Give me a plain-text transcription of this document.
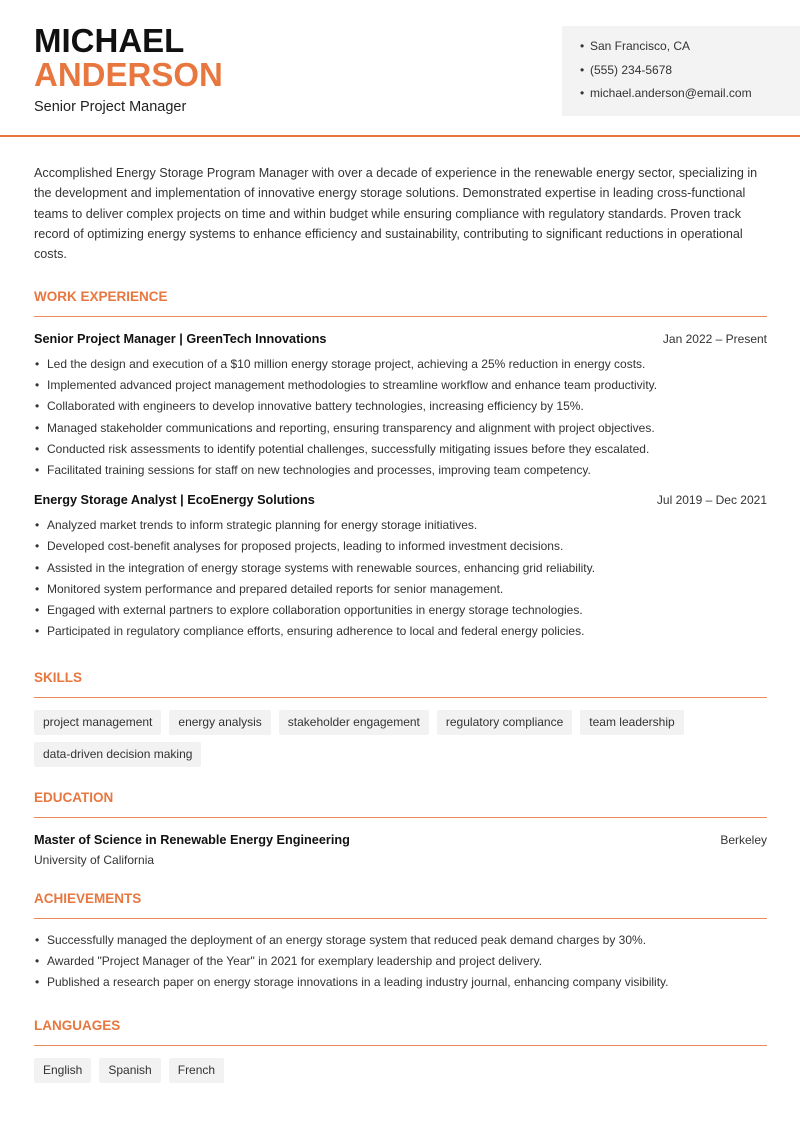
MICHAEL
ANDERSON
Senior Project Manager
• San Francisco, CA
• (555) 234-5678
• michael.anderson@email.com

Accomplished Energy Storage Program Manager with over a decade of experience in the renewable energy sector, specializing in the development and implementation of innovative energy storage solutions. Demonstrated expertise in leading cross-functional teams to deliver complex projects on time and within budget while ensuring compliance with regulatory standards. Proven track record of optimizing energy systems to enhance efficiency and sustainability, contributing to significant reductions in operational costs.

WORK EXPERIENCE
Senior Project Manager | GreenTech Innovations	Jan 2022 – Present
• Led the design and execution of a $10 million energy storage project, achieving a 25% reduction in energy costs.
• Implemented advanced project management methodologies to streamline workflow and enhance team productivity.
• Collaborated with engineers to develop innovative battery technologies, increasing efficiency by 15%.
• Managed stakeholder communications and reporting, ensuring transparency and alignment with project objectives.
• Conducted risk assessments to identify potential challenges, successfully mitigating issues before they escalated.
• Facilitated training sessions for staff on new technologies and processes, improving team competency.
Energy Storage Analyst | EcoEnergy Solutions	Jul 2019 – Dec 2021
• Analyzed market trends to inform strategic planning for energy storage initiatives.
• Developed cost-benefit analyses for proposed projects, leading to informed investment decisions.
• Assisted in the integration of energy storage systems with renewable sources, enhancing grid reliability.
• Monitored system performance and prepared detailed reports for senior management.
• Engaged with external partners to explore collaboration opportunities in energy storage technologies.
• Participated in regulatory compliance efforts, ensuring adherence to local and federal energy policies.
SKILLS
project management	energy analysis	stakeholder engagement	regulatory compliance	team leadership
data-driven decision making
EDUCATION
Master of Science in Renewable Energy Engineering	Berkeley
University of California
ACHIEVEMENTS
• Successfully managed the deployment of an energy storage system that reduced peak demand charges by 30%.
• Awarded "Project Manager of the Year" in 2021 for exemplary leadership and project delivery.
• Published a research paper on energy storage innovations in a leading industry journal, enhancing company visibility.
LANGUAGES
English	Spanish	French
